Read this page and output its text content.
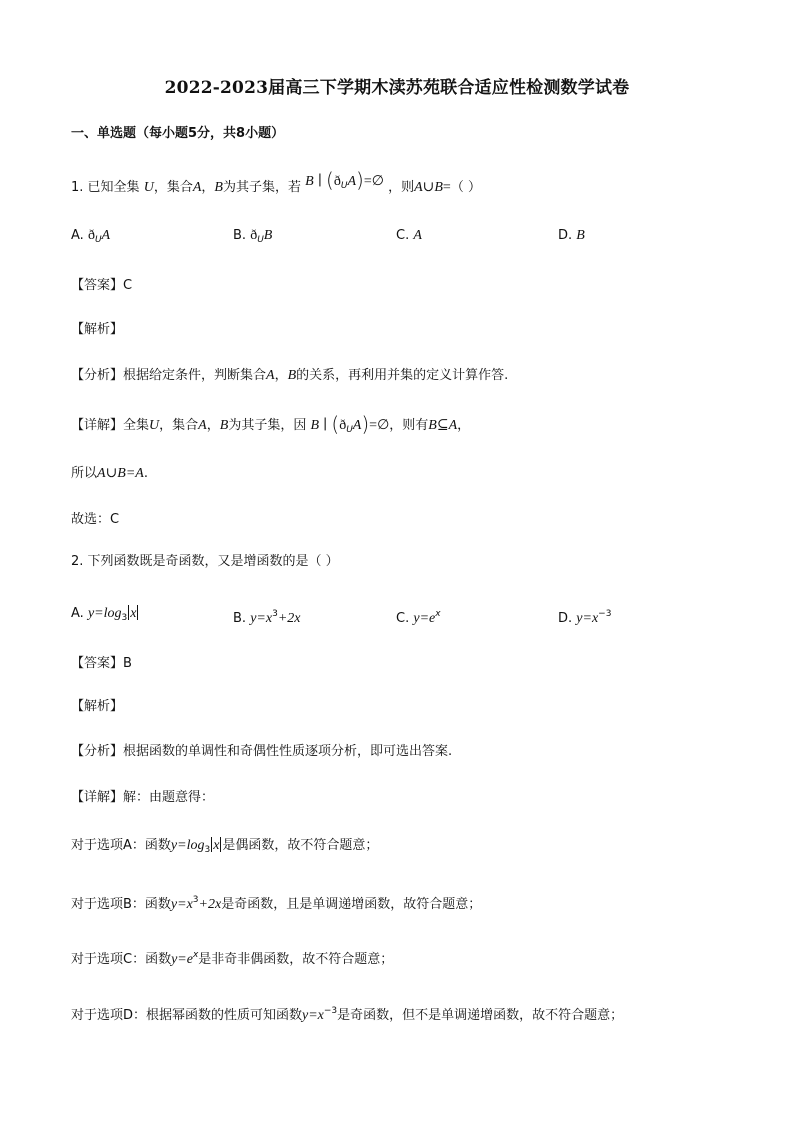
2022-2023届高三下学期木渎苏苑联合适应性检测数学试卷
一、单选题（每小题5分，共8小题）
1. 已知全集 U，集合A，B为其子集，若 B ∣ $(ð_UA)=\emptyset$ ，则A∪B=（ ）
A. $ð_UA$	B. $ð_UB$	C. A	D. B
【答案】C
【解析】
【分析】根据给定条件，判断集合A，B的关系，再利用并集的定义计算作答.
【详解】全集U，集合A，B为其子集，因 B ∣ $(ð_UA)=\emptyset$，则有B⊆A，
所以A∪B=A.
故选：C
2. 下列函数既是奇函数，又是增函数的是（ ）
A. $y=\log_3$ x	B. $y=x^3+2x$	C. $y=e^x$	D. $y=x^{-3}$
【答案】B
【解析】
【分析】根据函数的单调性和奇偶性性质逐项分析，即可选出答案.
【详解】解：由题意得：
对于选项A：函数$y=\log_3$ x 是偶函数，故不符合题意；
对于选项B：函数$y=x^3+2x$是奇函数，且是单调递增函数，故符合题意；
对于选项C：函数$y=e^x$是非奇非偶函数，故不符合题意；
对于选项D：根据幂函数的性质可知函数$y=x^{-3}$是奇函数，但不是单调递增函数，故不符合题意；
